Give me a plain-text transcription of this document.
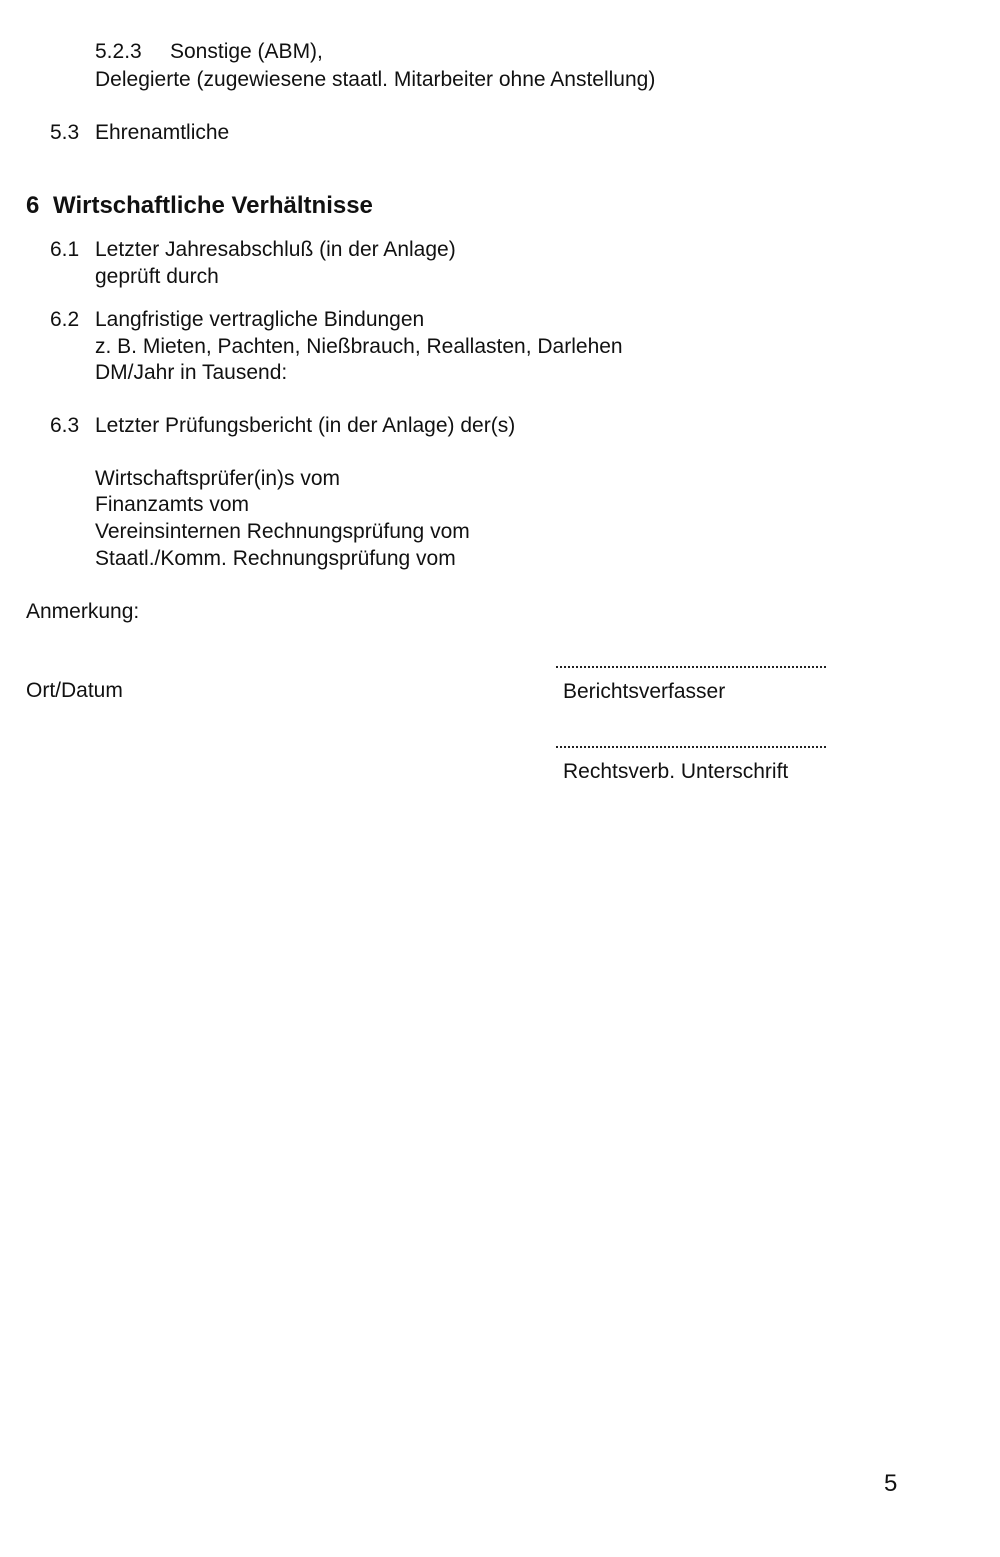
5.2.3 Sonstige (ABM),
Delegierte (zugewiesene staatl. Mitarbeiter ohne Anstellung)
5.3 Ehrenamtliche
6 Wirtschaftliche Verhältnisse
6.1 Letzter Jahresabschluß (in der Anlage)
geprüft durch
6.2 Langfristige vertragliche Bindungen
z. B. Mieten, Pachten, Nießbrauch, Reallasten, Darlehen
DM/Jahr in Tausend:
6.3 Letzter Prüfungsbericht (in der Anlage) der(s)
Wirtschaftsprüfer(in)s vom
Finanzamts vom
Vereinsinternen Rechnungsprüfung vom
Staatl./Komm. Rechnungsprüfung vom
Anmerkung:
Ort/Datum	Berichtsverfasser
Rechtsverb. Unterschrift
5
